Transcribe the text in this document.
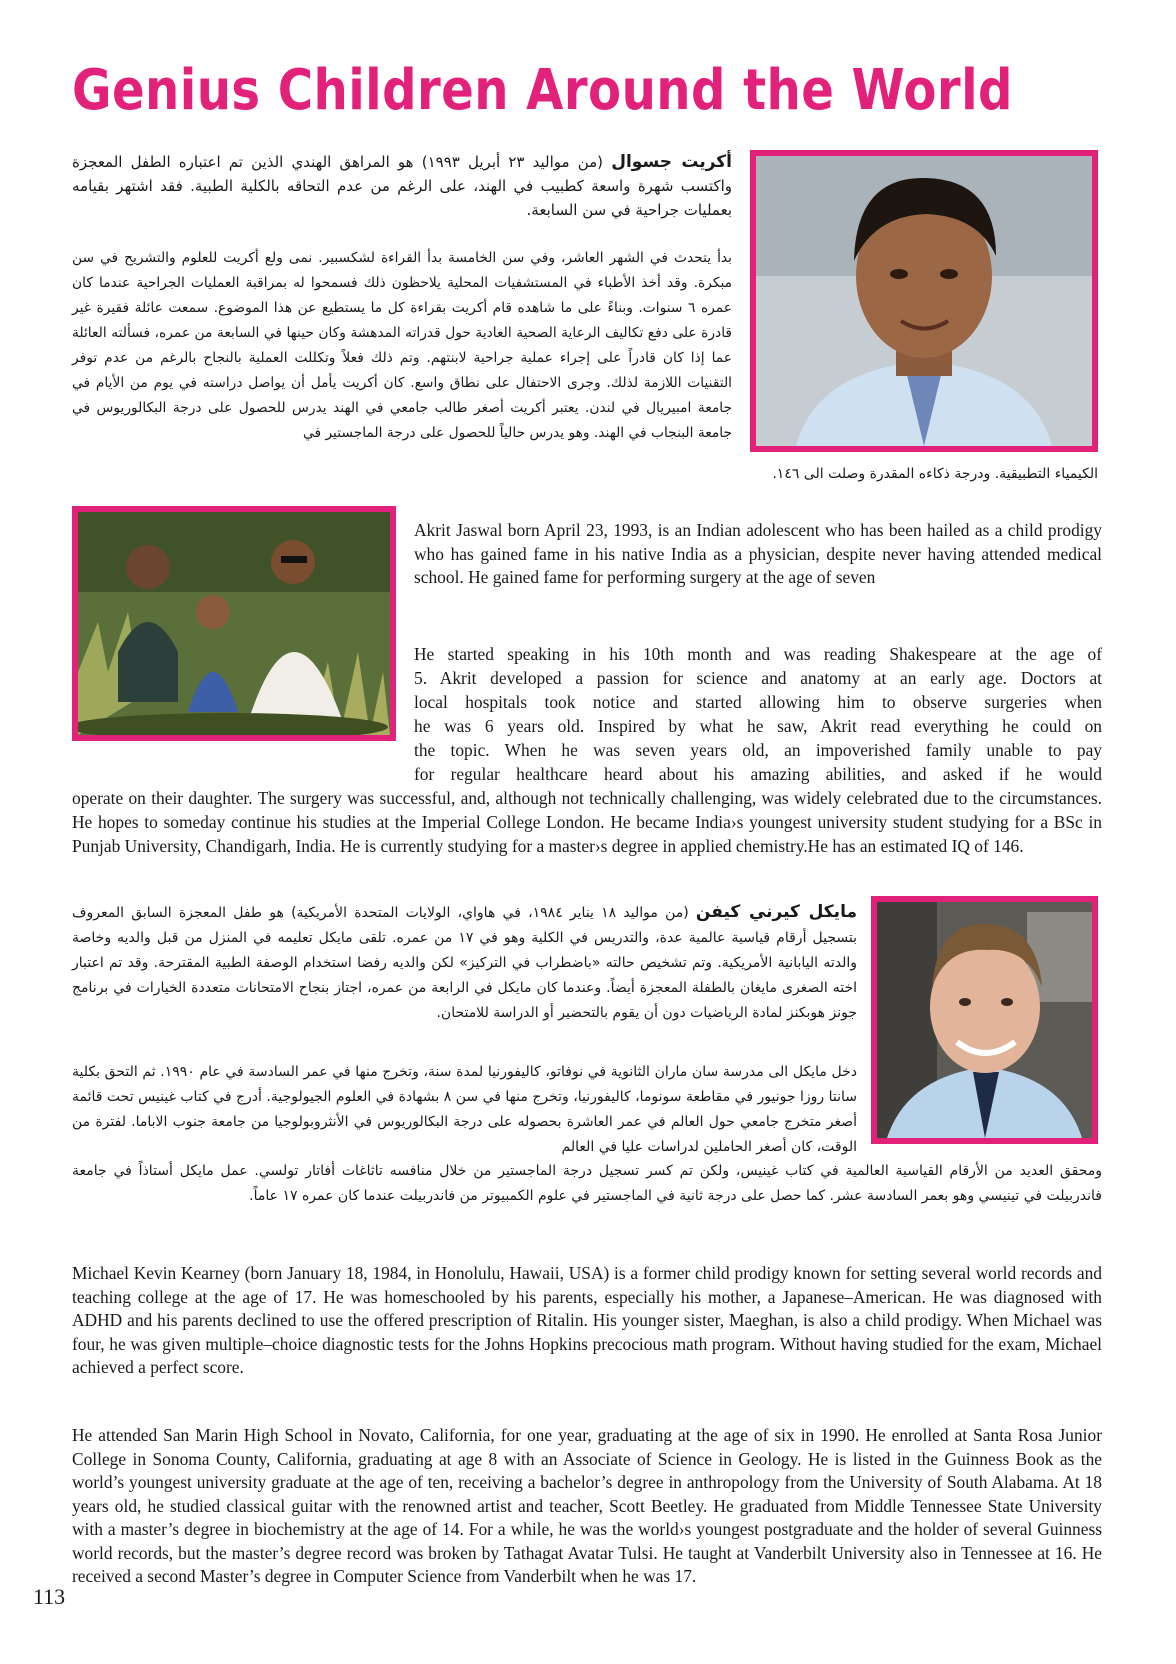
Genius Children Around the World
أكريت جسوال (من مواليد ٢٣ أبريل ١٩٩٣) هو المراهق الهندي الذين تم اعتباره الطفل المعجزة واكتسب شهرة واسعة كطبيب في الهند، على الرغم من عدم التحاقه بالكلية الطبية. فقد اشتهر بقيامه بعمليات جراحية في سن السابعة.
بدأ يتحدث في الشهر العاشر، وفي سن الخامسة بدأ القراءة لشكسبير. نمى ولع أكريت للعلوم والتشريح في سن مبكرة. وقد أخذ الأطباء في المستشفيات المحلية يلاحظون ذلك فسمحوا له بمراقبة العمليات الجراحية عندما كان عمره ٦ سنوات. وبناءً على ما شاهده قام أكريت بقراءة كل ما يستطيع عن هذا الموضوع. سمعت عائلة فقيرة غير قادرة على دفع تكاليف الرعاية الصحية العادية حول قدراته المدهشة وكان حينها في السابعة من عمره، فسألته العائلة عما إذا كان قادراً على إجراء عملية جراحية لابنتهم. وتم ذلك فعلاً وتكللت العملية بالنجاح بالرغم من عدم توفر التقنيات اللازمة لذلك. وجرى الاحتفال على نطاق واسع. كان أكريت يأمل أن يواصل دراسته في يوم من الأيام في جامعة امبيريال في لندن. يعتبر أكريت أصغر طالب جامعي في الهند يدرس للحصول على درجة البكالوريوس في جامعة البنجاب في الهند. وهو يدرس حالياً للحصول على درجة الماجستير في
الكيمياء التطبيقية. ودرجة ذكاءه المقدرة وصلت الى ١٤٦.
Akrit Jaswal born April 23, 1993, is an Indian adolescent who has been hailed as a child prodigy who has gained fame in his native India as a physician, despite never having attended medical school. He gained fame for performing surgery at the age of seven
He started speaking in his 10th month and was reading Shakespeare at the age of
5. Akrit developed a passion for science and anatomy at an early age. Doctors at
local hospitals took notice and started allowing him to observe surgeries when
he was 6 years old. Inspired by what he saw, Akrit read everything he could on
the topic. When he was seven years old, an impoverished family unable to pay
for regular healthcare heard about his amazing abilities, and asked if he would
operate on their daughter. The surgery was successful, and, although not technically challenging, was widely celebrated due to the circumstances. He hopes to someday continue his studies at the Imperial College London. He became India›s youngest university student studying for a BSc in Punjab University, Chandigarh, India. He is currently studying for a master›s degree in applied chemistry.He has an estimated IQ of 146.
مايكل كيرني كيفن (من مواليد ١٨ يناير ١٩٨٤، في هاواي، الولايات المتحدة الأمريكية) هو طفل المعجزة السابق المعروف بتسجيل أرقام قياسية عالمية عدة، والتدريس في الكلية وهو في ١٧ من عمره. تلقى مايكل تعليمه في المنزل من قبل والديه وخاصة والدته اليابانية الأمريكية. وتم تشخيص حالته «باضطراب في التركيز» لكن والديه رفضا استخدام الوصفة الطبية المقترحة. وقد تم اعتبار اخته الصغرى مايغان بالطفلة المعجزة أيضاً. وعندما كان مايكل في الرابعة من عمره، اجتاز بنجاح الامتحانات متعددة الخيارات في برنامج جونز هوبكنز لمادة الرياضيات دون أن يقوم بالتحضير أو الدراسة للامتحان.
دخل مايكل الى مدرسة سان ماران الثانوية في نوفاتو، كاليفورنيا لمدة سنة، وتخرج منها في عمر السادسة في عام ١٩٩٠. ثم التحق بكلية سانتا روزا جونيور في مقاطعة سونوما، كاليفورنيا، وتخرج منها في سن ٨ بشهادة في العلوم الجيولوجية. أدرج في كتاب غينيس تحت قائمة أصغر متخرج جامعي حول العالم في عمر العاشرة بحصوله على درجة البكالوريوس في الأنثروبولوجيا من جامعة جنوب الاباما. لفترة من الوقت، كان أصغر الحاملين لدراسات عليا في العالم
ومحقق العديد من الأرقام القياسية العالمية في كتاب غينيس، ولكن تم كسر تسجيل درجة الماجستير من خلال منافسه تاثاغات أفاتار تولسي. عمل مايكل أستاذاً في جامعة فاندربيلت في تينيسي وهو بعمر السادسة عشر. كما حصل على درجة ثانية في الماجستير في علوم الكمبيوتر من فاندربيلت عندما كان عمره ١٧ عاماً.
Michael Kevin Kearney (born January 18, 1984, in Honolulu, Hawaii, USA) is a former child prodigy known for setting several world records and teaching college at the age of 17. He was homeschooled by his parents, especially his mother, a Japanese–American. He was diagnosed with ADHD and his parents declined to use the offered prescription of Ritalin. His younger sister, Maeghan, is also a child prodigy. When Michael was four, he was given multiple–choice diagnostic tests for the Johns Hopkins precocious math program. Without having studied for the exam, Michael achieved a perfect score.
He attended San Marin High School in Novato, California, for one year, graduating at the age of six in 1990. He enrolled at Santa Rosa Junior College in Sonoma County, California, graduating at age 8 with an Associate of Science in Geology. He is listed in the Guinness Book as the world’s youngest university graduate at the age of ten, receiving a bachelor’s degree in anthropology from the University of South Alabama. At 18 years old, he studied classical guitar with the renowned artist and teacher, Scott Beetley. He graduated from Middle Tennessee State University with a master’s degree in biochemistry at the age of 14. For a while, he was the world›s youngest postgraduate and the holder of several Guinness world records, but the master’s degree record was broken by Tathagat Avatar Tulsi. He taught at Vanderbilt University also in Tennessee at 16. He received a second Master’s degree in Computer Science from Vanderbilt when he was 17.
113
